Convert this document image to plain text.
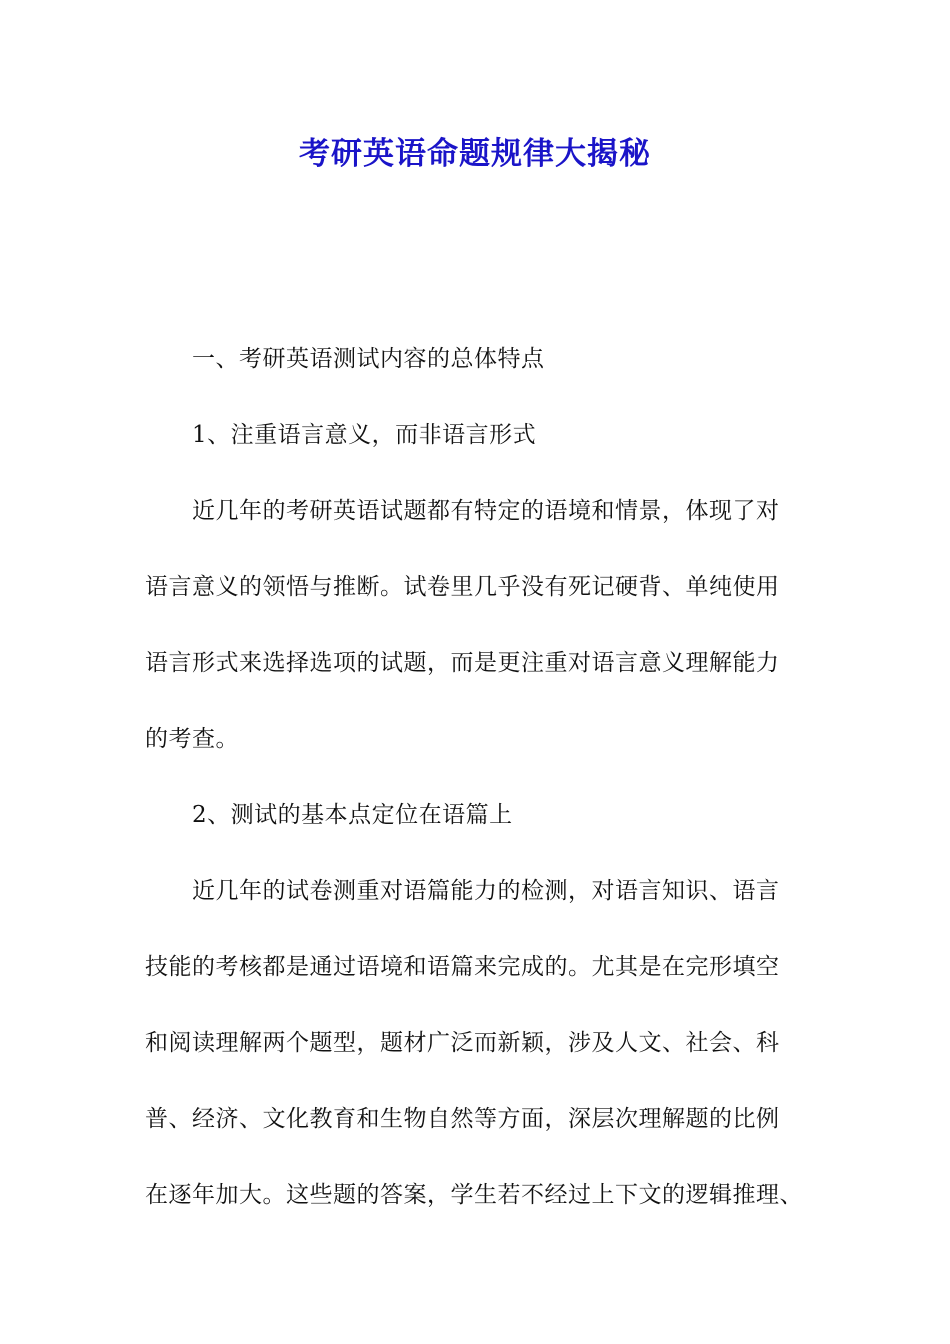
考研英语命题规律大揭秘
一、考研英语测试内容的总体特点
1、注重语言意义，而非语言形式
近几年的考研英语试题都有特定的语境和情景，体现了对
语言意义的领悟与推断。试卷里几乎没有死记硬背、单纯使用
语言形式来选择选项的试题，而是更注重对语言意义理解能力
的考查。
2、测试的基本点定位在语篇上
近几年的试卷测重对语篇能力的检测，对语言知识、语言
技能的考核都是通过语境和语篇来完成的。尤其是在完形填空
和阅读理解两个题型，题材广泛而新颖，涉及人文、社会、科
普、经济、文化教育和生物自然等方面，深层次理解题的比例
在逐年加大。这些题的答案，学生若不经过上下文的逻辑推理、
